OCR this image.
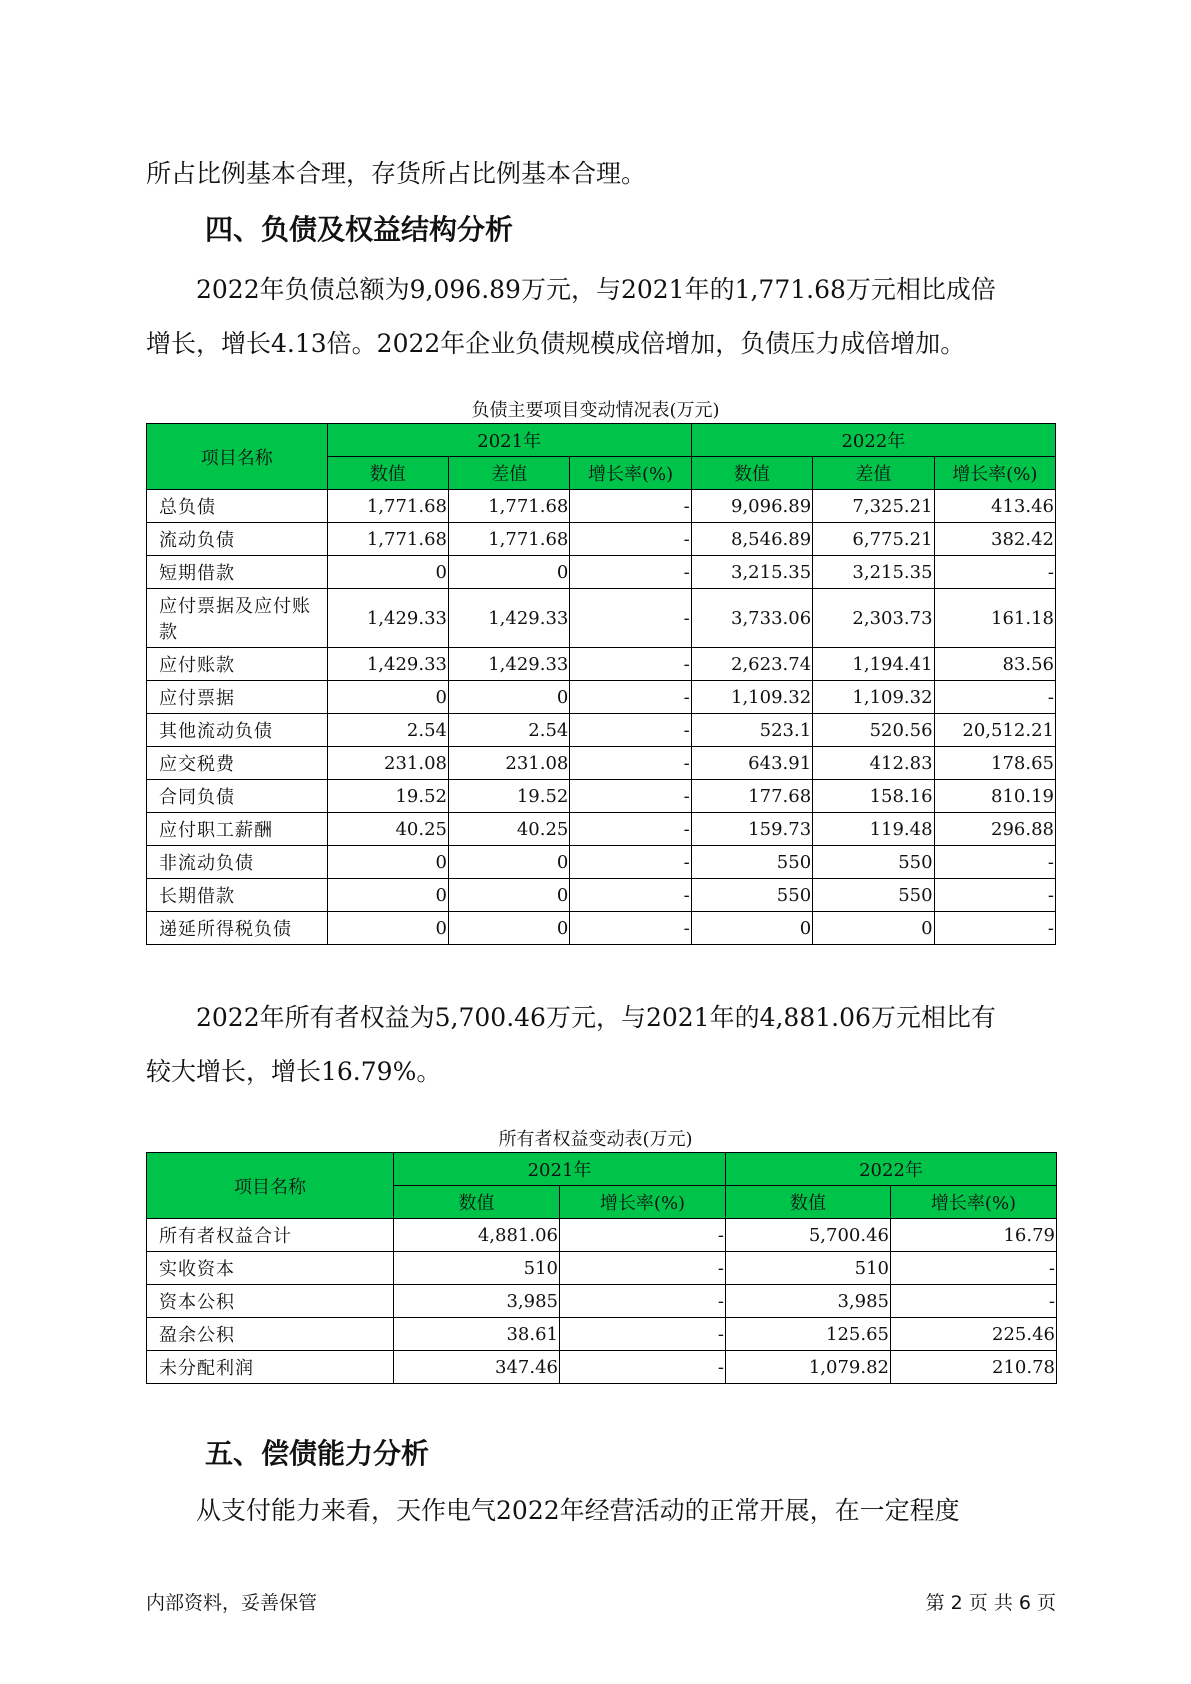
所占比例基本合理，存货所占比例基本合理。
四、负债及权益结构分析
2022年负债总额为9,096.89万元，与2021年的1,771.68万元相比成倍
增长，增长4.13倍。2022年企业负债规模成倍增加，负债压力成倍增加。
负债主要项目变动情况表(万元)
项目名称	2021年			2022年		
	数值	差值	增长率(%)	数值	差值	增长率(%)
总负债	1,771.68	1,771.68	-	9,096.89	7,325.21	413.46
流动负债	1,771.68	1,771.68	-	8,546.89	6,775.21	382.42
短期借款	0	0	-	3,215.35	3,215.35	-
应付票据及应付账款	1,429.33	1,429.33	-	3,733.06	2,303.73	161.18
应付账款	1,429.33	1,429.33	-	2,623.74	1,194.41	83.56
应付票据	0	0	-	1,109.32	1,109.32	-
其他流动负债	2.54	2.54	-	523.1	520.56	20,512.21
应交税费	231.08	231.08	-	643.91	412.83	178.65
合同负债	19.52	19.52	-	177.68	158.16	810.19
应付职工薪酬	40.25	40.25	-	159.73	119.48	296.88
非流动负债	0	0	-	550	550	-
长期借款	0	0	-	550	550	-
递延所得税负债	0	0	-	0	0	-
2022年所有者权益为5,700.46万元，与2021年的4,881.06万元相比有
较大增长，增长16.79%。
所有者权益变动表(万元)
项目名称	2021年		2022年	
	数值	增长率(%)	数值	增长率(%)
所有者权益合计	4,881.06	-	5,700.46	16.79
实收资本	510	-	510	-
资本公积	3,985	-	3,985	-
盈余公积	38.61	-	125.65	225.46
未分配利润	347.46	-	1,079.82	210.78
五、偿债能力分析
从支付能力来看，天作电气2022年经营活动的正常开展，在一定程度
内部资料，妥善保管	第 2 页 共 6 页
